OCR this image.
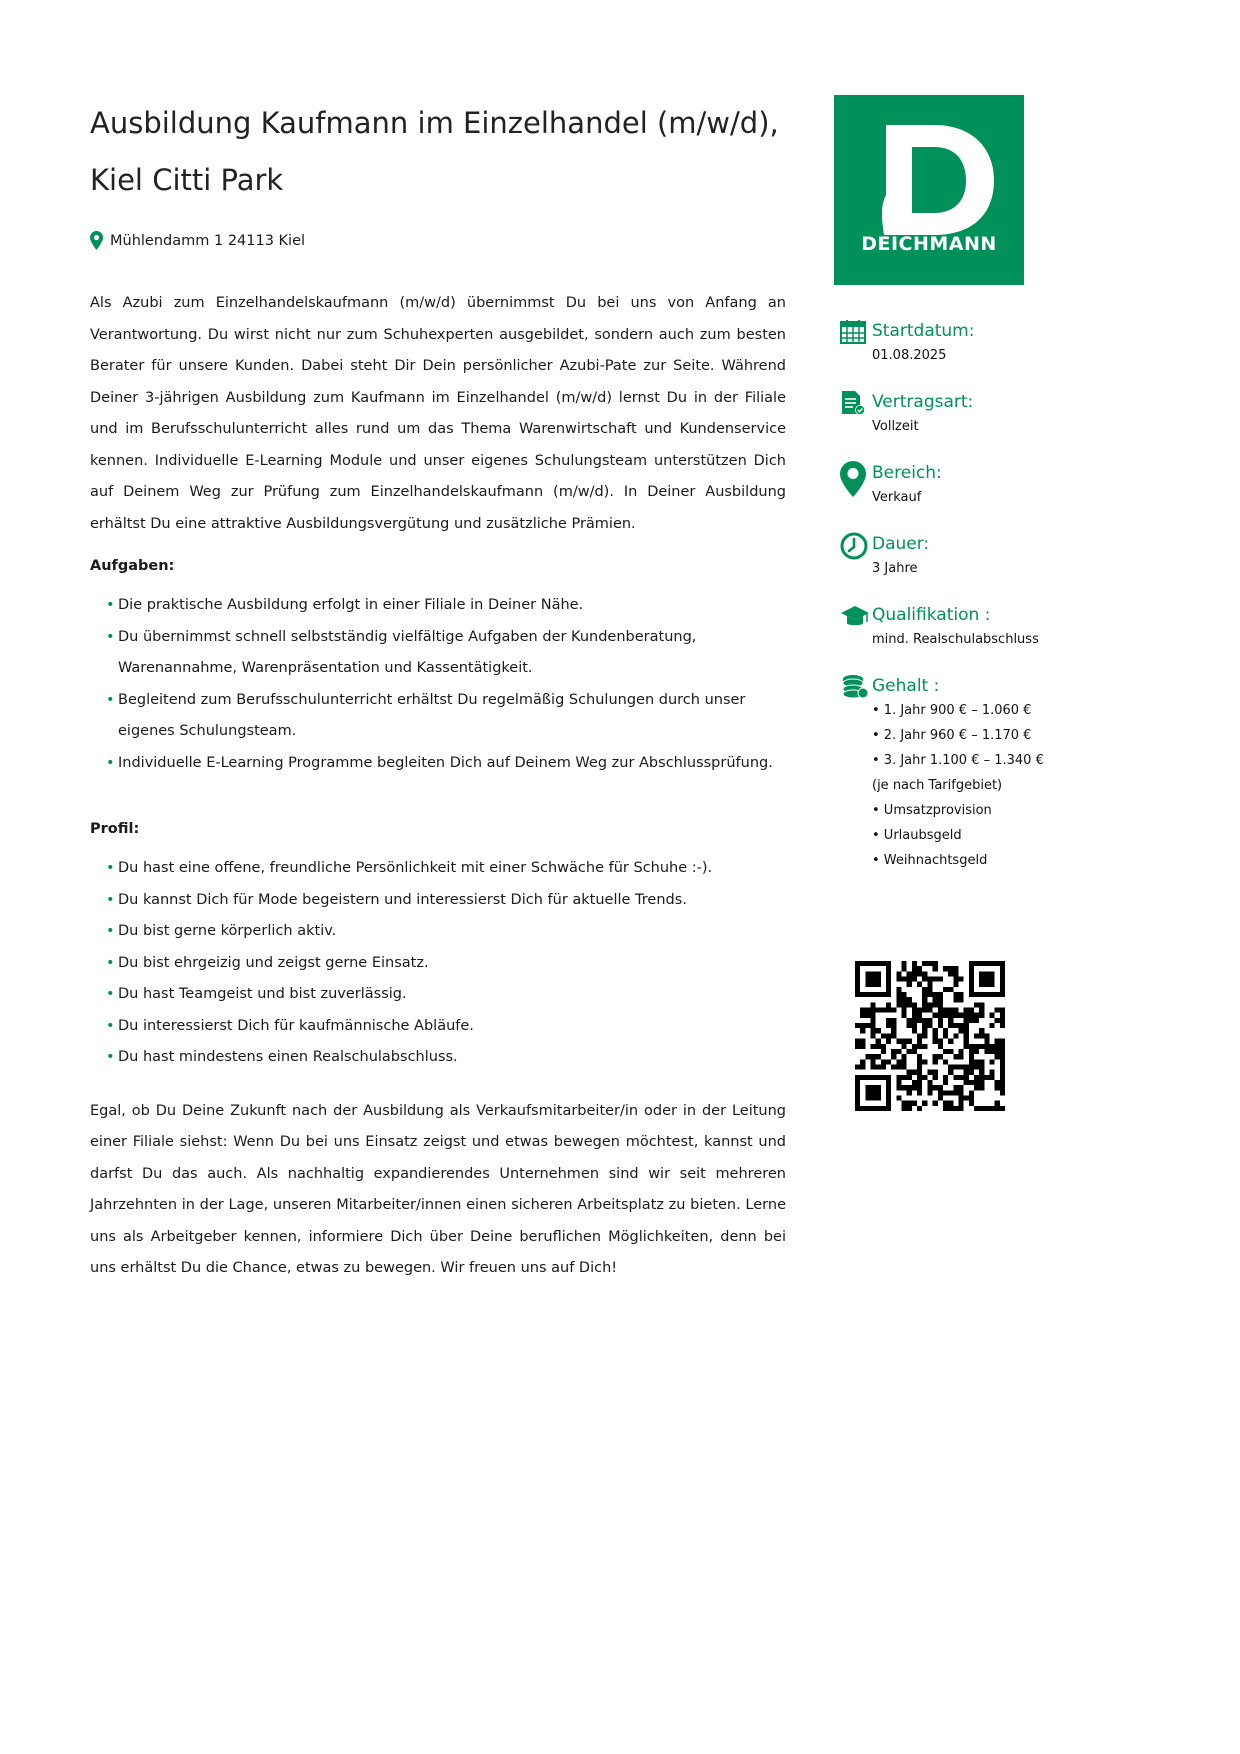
Ausbildung Kaufmann im Einzelhandel (m/w/d),
Kiel Citti Park
Mühlendamm 1 24113 Kiel

Als Azubi zum Einzelhandelskaufmann (m/w/d) übernimmst Du bei uns von Anfang an Verantwortung. Du wirst nicht nur zum Schuhexperten ausgebildet, sondern auch zum besten Berater für unsere Kunden. Dabei steht Dir Dein persönlicher Azubi-Pate zur Seite. Während Deiner 3-jährigen Ausbildung zum Kaufmann im Einzelhandel (m/w/d) lernst Du in der Filiale und im Berufsschulunterricht alles rund um das Thema Warenwirtschaft und Kundenservice kennen. Individuelle E-Learning Module und unser eigenes Schulungsteam unterstützen Dich auf Deinem Weg zur Prüfung zum Einzelhandelskaufmann (m/w/d). In Deiner Ausbildung erhältst Du eine attraktive Ausbildungsvergütung und zusätzliche Prämien.

Aufgaben:
• Die praktische Ausbildung erfolgt in einer Filiale in Deiner Nähe.
• Du übernimmst schnell selbstständig vielfältige Aufgaben der Kundenberatung, Warenannahme, Warenpräsentation und Kassentätigkeit.
• Begleitend zum Berufsschulunterricht erhältst Du regelmäßig Schulungen durch unser eigenes Schulungsteam.
• Individuelle E-Learning Programme begleiten Dich auf Deinem Weg zur Abschlussprüfung.
Profil:
• Du hast eine offene, freundliche Persönlichkeit mit einer Schwäche für Schuhe :-).
• Du kannst Dich für Mode begeistern und interessierst Dich für aktuelle Trends.
• Du bist gerne körperlich aktiv.
• Du bist ehrgeizig und zeigst gerne Einsatz.
• Du hast Teamgeist und bist zuverlässig.
• Du interessierst Dich für kaufmännische Abläufe.
• Du hast mindestens einen Realschulabschluss.

Egal, ob Du Deine Zukunft nach der Ausbildung als Verkaufsmitarbeiter/in oder in der Leitung einer Filiale siehst: Wenn Du bei uns Einsatz zeigst und etwas bewegen möchtest, kannst und darfst Du das auch. Als nachhaltig expandierendes Unternehmen sind wir seit mehreren Jahrzehnten in der Lage, unseren Mitarbeiter/innen einen sicheren Arbeitsplatz zu bieten. Lerne uns als Arbeitgeber kennen, informiere Dich über Deine beruflichen Möglichkeiten, denn bei uns erhältst Du die Chance, etwas zu bewegen. Wir freuen uns auf Dich!

DEICHMANN
Startdatum:
01.08.2025
Vertragsart:
Vollzeit
Bereich:
Verkauf
Dauer:
3 Jahre
Qualifikation :
mind. Realschulabschluss
Gehalt :
• 1. Jahr 900 € – 1.060 €
• 2. Jahr 960 € – 1.170 €
• 3. Jahr 1.100 € – 1.340 €
(je nach Tarifgebiet)
• Umsatzprovision
• Urlaubsgeld
• Weihnachtsgeld
